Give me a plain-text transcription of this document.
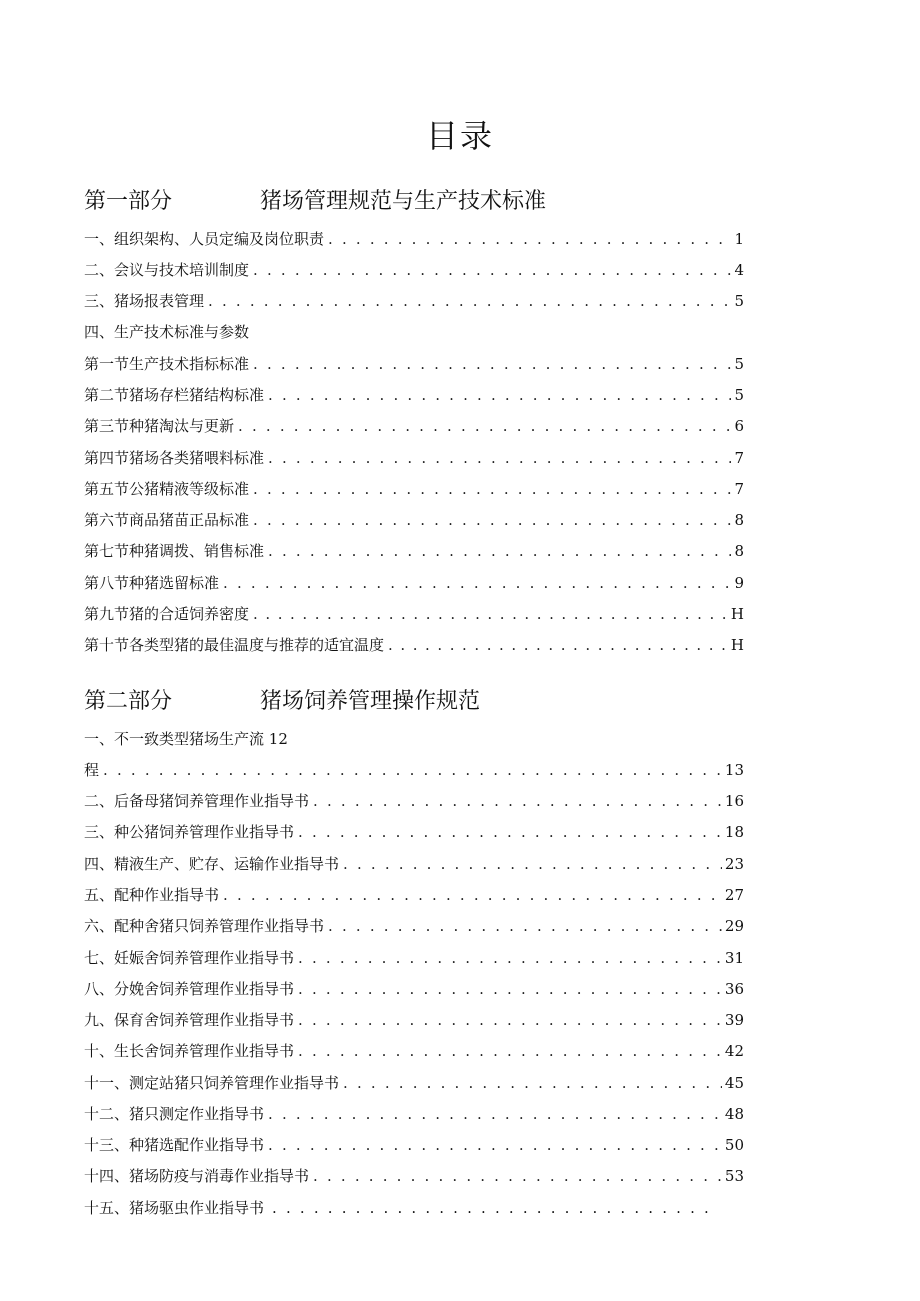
目录
第一部分	猪场管理规范与生产技术标准
一、组织架构、人员定编及岗位职责 . . .	1
二、会议与技术培训制度 . . .	4
三、猪场报表管理 . . .	5
四、生产技术标准与参数
第一节生产技术指标标准 . . .	5
第二节猪场存栏猪结构标准 . . .	5
第三节种猪淘汰与更新 . . .	6
第四节猪场各类猪喂料标准 . . .	7
第五节公猪精液等级标准 . . .	7
第六节商品猪苗正品标准 . . .	8
第七节种猪调拨、销售标准 . . .	8
第八节种猪选留标准 . . .	9
第九节猪的合适饲养密度 . . .	H
第十节各类型猪的最佳温度与推荐的适宜温度 . . .	H
第二部分	猪场饲养管理操作规范
一、不一致类型猪场生产流 12
程 . . .	13
二、后备母猪饲养管理作业指导书 . . .	16
三、种公猪饲养管理作业指导书 . . .	18
四、精液生产、贮存、运输作业指导书 . . .	23
五、配种作业指导书 . . .	27
六、配种舍猪只饲养管理作业指导书 . . .	29
七、妊娠舍饲养管理作业指导书 . . .	31
八、分娩舍饲养管理作业指导书 . . .	36
九、保育舍饲养管理作业指导书 . . .	39
十、生长舍饲养管理作业指导书 . . .	42
十一、测定站猪只饲养管理作业指导书 . . .	45
十二、猪只测定作业指导书 . . .	48
十三、种猪选配作业指导书 . . .	50
十四、猪场防疫与消毒作业指导书 . . .	53
十五、猪场驱虫作业指导书
. . .
